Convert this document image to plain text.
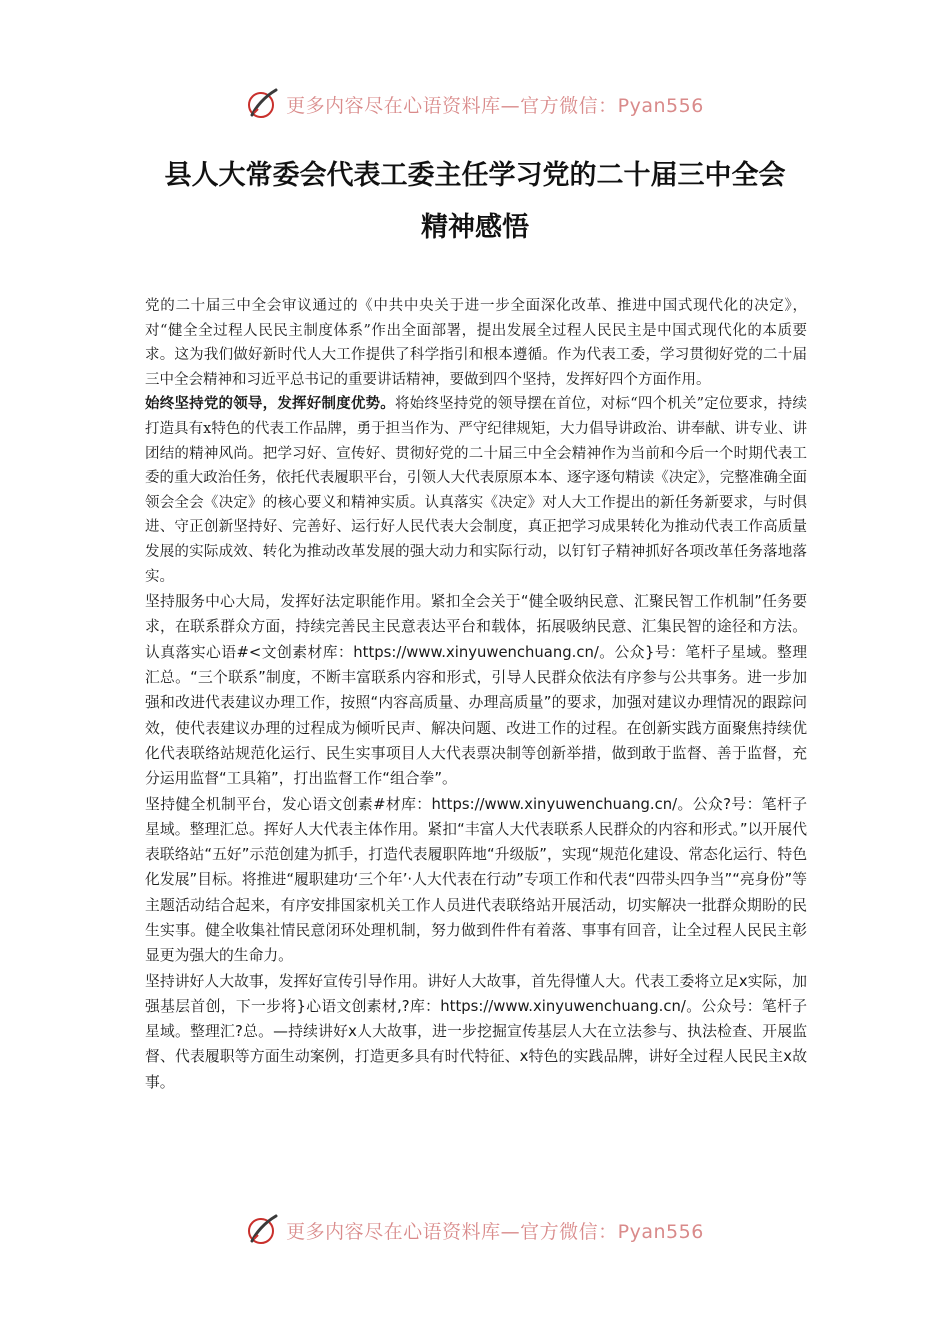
更多内容尽在心语资料库—官方微信：Pyan556
县人大常委会代表工委主任学习党的二十届三中全会
精神感悟

党的二十届三中全会审议通过的《中共中央关于进一步全面深化改革、推进中国式现代化的决定》，对“健全全过程人民民主制度体系”作出全面部署，提出发展全过程人民民主是中国式现代化的本质要求。这为我们做好新时代人大工作提供了科学指引和根本遵循。作为代表工委，学习贯彻好党的二十届三中全会精神和习近平总书记的重要讲话精神，要做到四个坚持，发挥好四个方面作用。

始终坚持党的领导，发挥好制度优势。将始终坚持党的领导摆在首位，对标“四个机关”定位要求，持续打造具有x特色的代表工作品牌，勇于担当作为、严守纪律规矩，大力倡导讲政治、讲奉献、讲专业、讲团结的精神风尚。把学习好、宣传好、贯彻好党的二十届三中全会精神作为当前和今后一个时期代表工委的重大政治任务，依托代表履职平台，引领人大代表原原本本、逐字逐句精读《决定》，完整准确全面领会全会《决定》的核心要义和精神实质。认真落实《决定》对人大工作提出的新任务新要求，与时俱进、守正创新坚持好、完善好、运行好人民代表大会制度，真正把学习成果转化为推动代表工作高质量发展的实际成效、转化为推动改革发展的强大动力和实际行动，以钉钉子精神抓好各项改革任务落地落实。

坚持服务中心大局，发挥好法定职能作用。紧扣全会关于“健全吸纳民意、汇聚民智工作机制”任务要求，在联系群众方面，持续完善民主民意表达平台和载体，拓展吸纳民意、汇集民智的途径和方法。认真落实心语#<文创素材库：https://www.xinyuwenchuang.cn/。公众}号：笔杆子星域。整理汇总。“三个联系”制度，不断丰富联系内容和形式，引导人民群众依法有序参与公共事务。进一步加强和改进代表建议办理工作，按照“内容高质量、办理高质量”的要求，加强对建议办理情况的跟踪问效，使代表建议办理的过程成为倾听民声、解决问题、改进工作的过程。在创新实践方面聚焦持续优化代表联络站规范化运行、民生实事项目人大代表票决制等创新举措，做到敢于监督、善于监督，充分运用监督“工具箱”，打出监督工作“组合拳”。

坚持健全机制平台，发心语文创素#材库：https://www.xinyuwenchuang.cn/。公众?号：笔杆子星域。整理汇总。挥好人大代表主体作用。紧扣“丰富人大代表联系人民群众的内容和形式。”以开展代表联络站“五好”示范创建为抓手，打造代表履职阵地“升级版”，实现“规范化建设、常态化运行、特色化发展”目标。将推进“履职建功‘三个年’·人大代表在行动”专项工作和代表“四带头四争当”“亮身份”等主题活动结合起来，有序安排国家机关工作人员进代表联络站开展活动，切实解决一批群众期盼的民生实事。健全收集社情民意闭环处理机制，努力做到件件有着落、事事有回音，让全过程人民民主彰显更为强大的生命力。

坚持讲好人大故事，发挥好宣传引导作用。讲好人大故事，首先得懂人大。代表工委将立足x实际，加强基层首创，下一步将}心语文创素材,?库：https://www.xinyuwenchuang.cn/。公众号：笔杆子星域。整理汇?总。—持续讲好x人大故事，进一步挖掘宣传基层人大在立法参与、执法检查、开展监督、代表履职等方面生动案例，打造更多具有时代特征、x特色的实践品牌，讲好全过程人民民主x故事。

更多内容尽在心语资料库—官方微信：Pyan556
